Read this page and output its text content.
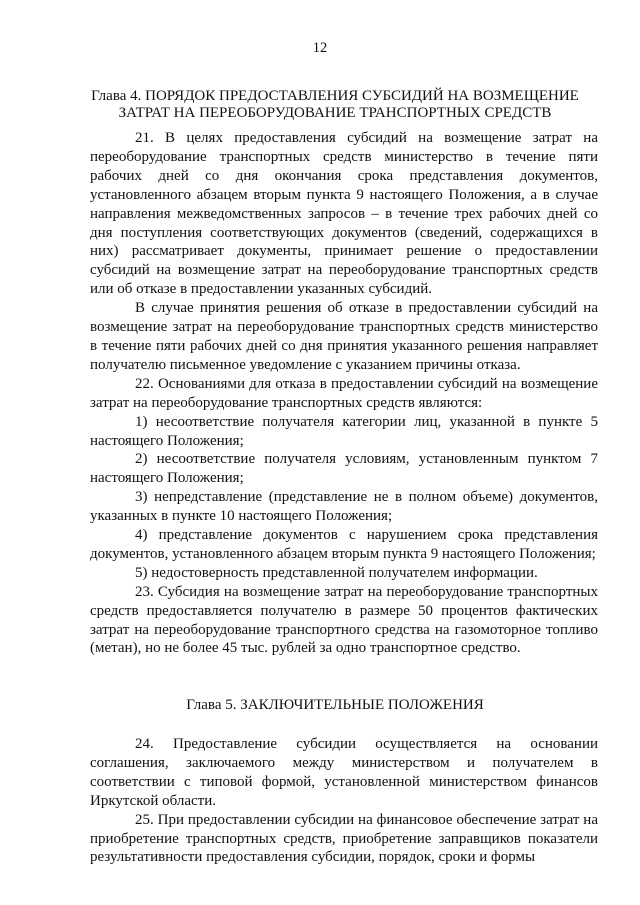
12
Глава 4. ПОРЯДОК ПРЕДОСТАВЛЕНИЯ СУБСИДИЙ НА ВОЗМЕЩЕНИЕ ЗАТРАТ НА ПЕРЕОБОРУДОВАНИЕ ТРАНСПОРТНЫХ СРЕДСТВ

21. В целях предоставления субсидий на возмещение затрат на переоборудование транспортных средств министерство в течение пяти рабочих дней со дня окончания срока представления документов, установленного абзацем вторым пункта 9 настоящего Положения, а в случае направления межведомственных запросов – в течение трех рабочих дней со дня поступления соответствующих документов (сведений, содержащихся в них) рассматривает документы, принимает решение о предоставлении субсидий на возмещение затрат на переоборудование транспортных средств или об отказе в предоставлении указанных субсидий.

В случае принятия решения об отказе в предоставлении субсидий на возмещение затрат на переоборудование транспортных средств министерство в течение пяти рабочих дней со дня принятия указанного решения направляет получателю письменное уведомление с указанием причины отказа.

22. Основаниями для отказа в предоставлении субсидий на возмещение затрат на переоборудование транспортных средств являются:

1) несоответствие получателя категории лиц, указанной в пункте 5 настоящего Положения;

2) несоответствие получателя условиям, установленным пунктом 7 настоящего Положения;

3) непредставление (представление не в полном объеме) документов, указанных в пункте 10 настоящего Положения;

4) представление документов с нарушением срока представления документов, установленного абзацем вторым пункта 9 настоящего Положения;

5) недостоверность представленной получателем информации.

23. Субсидия на возмещение затрат на переоборудование транспортных средств предоставляется получателю в размере 50 процентов фактических затрат на переоборудование транспортного средства на газомоторное топливо (метан), но не более 45 тыс. рублей за одно транспортное средство.

Глава 5. ЗАКЛЮЧИТЕЛЬНЫЕ ПОЛОЖЕНИЯ

24. Предоставление субсидии осуществляется на основании соглашения, заключаемого между министерством и получателем в соответствии с типовой формой, установленной министерством финансов Иркутской области.

25. При предоставлении субсидии на финансовое обеспечение затрат на приобретение транспортных средств, приобретение заправщиков показатели результативности предоставления субсидии, порядок, сроки и формы
